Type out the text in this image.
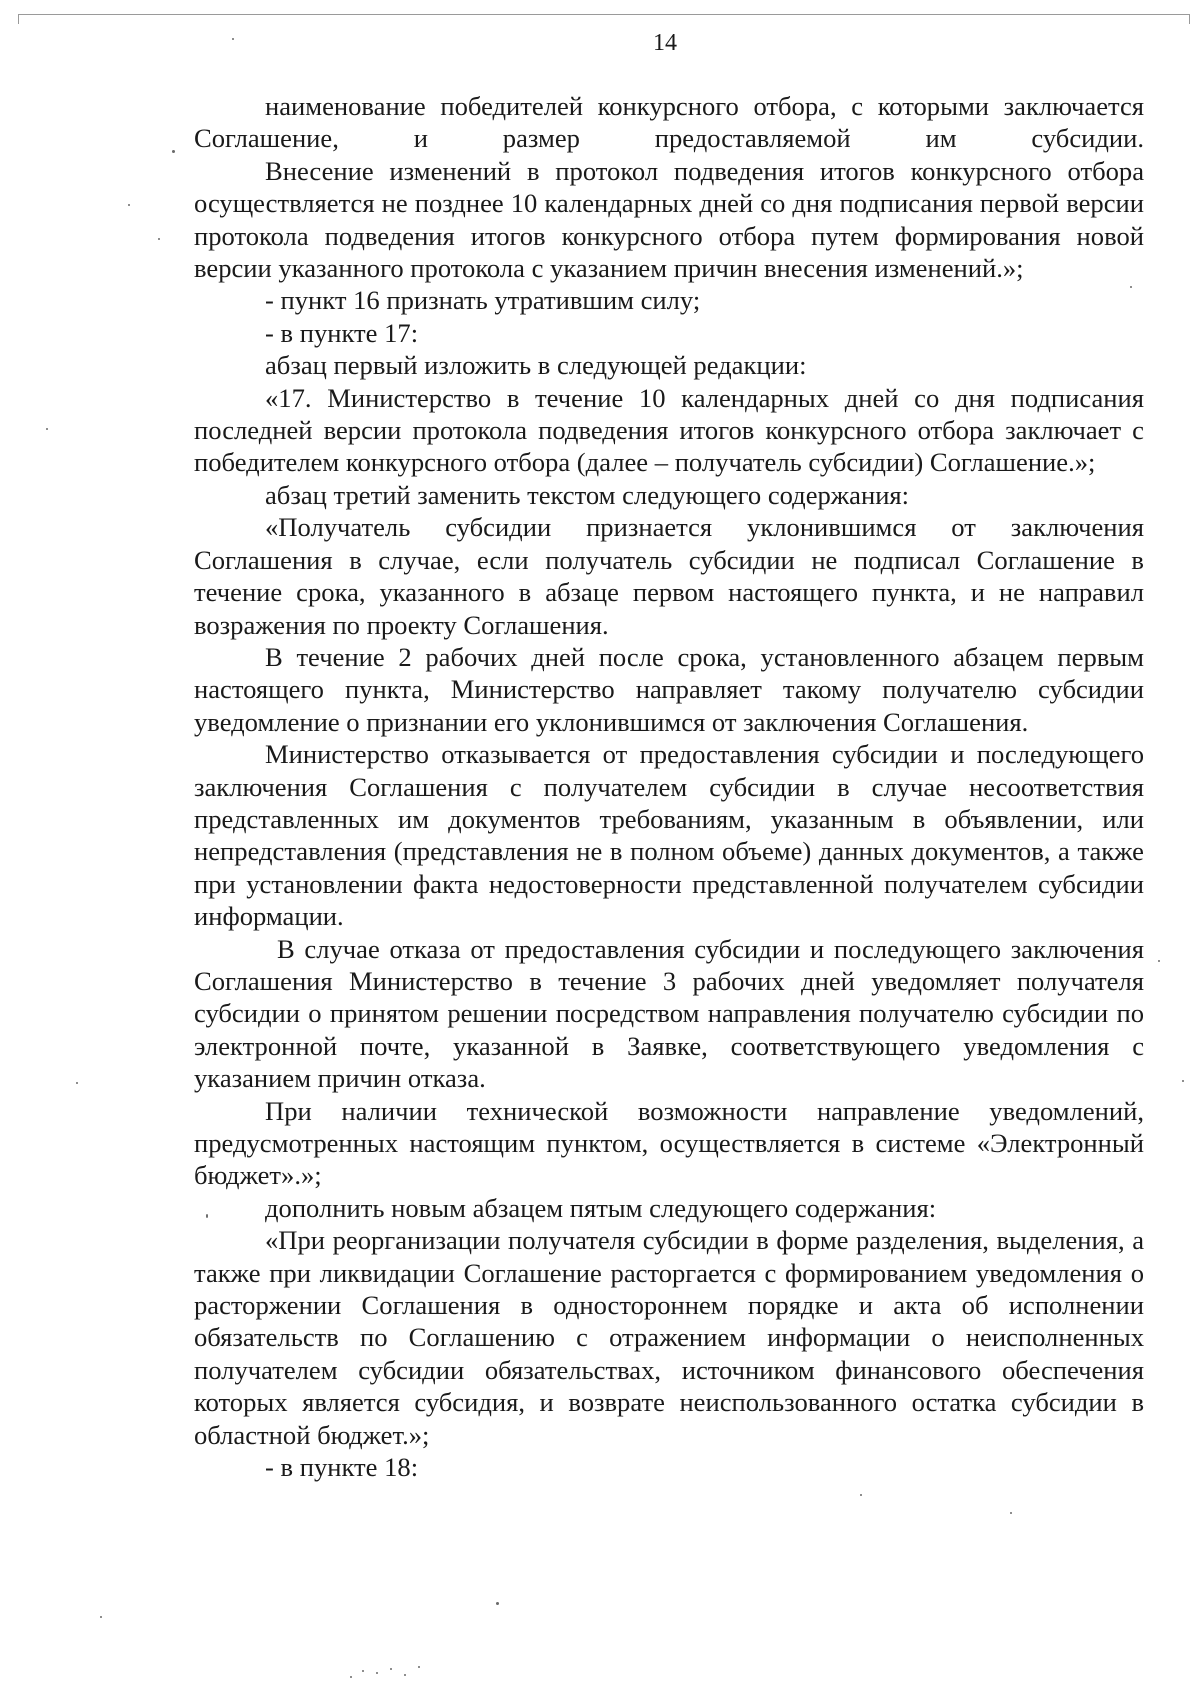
14

наименование победителей конкурсного отбора, с которыми заключается Соглашение, и размер предоставляемой им субсидии.

Внесение изменений в протокол подведения итогов конкурсного отбора осуществляется не позднее 10 календарных дней со дня подписания первой версии протокола подведения итогов конкурсного отбора путем формирования новой версии указанного протокола с указанием причин внесения изменений.»;

- пункт 16 признать утратившим силу;

- в пункте 17:

абзац первый изложить в следующей редакции:

«17. Министерство в течение 10 календарных дней со дня подписания последней версии протокола подведения итогов конкурсного отбора заключает с победителем конкурсного отбора (далее – получатель субсидии) Соглашение.»;

абзац третий заменить текстом следующего содержания:

«Получатель субсидии признается уклонившимся от заключения Соглашения в случае, если получатель субсидии не подписал Соглашение в течение срока, указанного в абзаце первом настоящего пункта, и не направил возражения по проекту Соглашения.

В течение 2 рабочих дней после срока, установленного абзацем первым настоящего пункта, Министерство направляет такому получателю субсидии уведомление о признании его уклонившимся от заключения Соглашения.

Министерство отказывается от предоставления субсидии и последующего заключения Соглашения с получателем субсидии в случае несоответствия представленных им документов требованиям, указанным в объявлении, или непредставления (представления не в полном объеме) данных документов, а также при установлении факта недостоверности представленной получателем субсидии информации.

В случае отказа от предоставления субсидии и последующего заключения Соглашения Министерство в течение 3 рабочих дней уведомляет получателя субсидии о принятом решении посредством направления получателю субсидии по электронной почте, указанной в Заявке, соответствующего уведомления с указанием причин отказа.

При наличии технической возможности направление уведомлений, предусмотренных настоящим пунктом, осуществляется в системе «Электронный бюджет».»;

дополнить новым абзацем пятым следующего содержания:

«При реорганизации получателя субсидии в форме разделения, выделения, а также при ликвидации Соглашение расторгается с формированием уведомления о расторжении Соглашения в одностороннем порядке и акта об исполнении обязательств по Соглашению с отражением информации о неисполненных получателем субсидии обязательствах, источником финансового обеспечения которых является субсидия, и возврате неиспользованного остатка субсидии в областной бюджет.»;

- в пункте 18:
